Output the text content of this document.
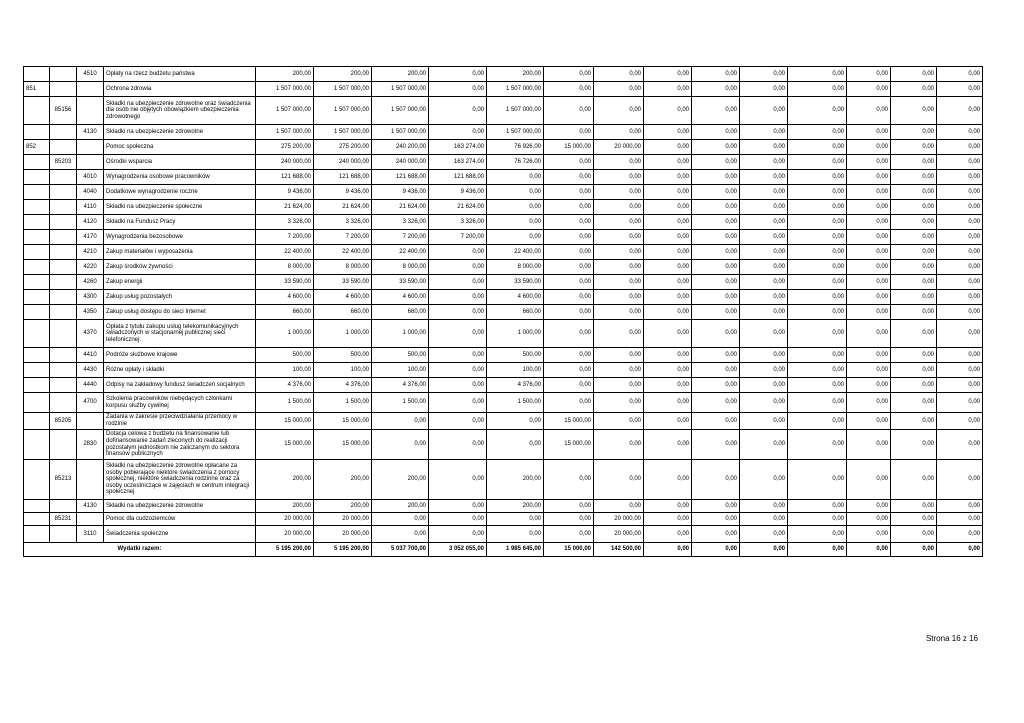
		4510	Opłaty na rzecz budżetu państwa	200,00	200,00	200,00	0,00	200,00	0,00	0,00	0,00	0,00	0,00	0,00	0,00	0,00	0,00
851			Ochrona zdrowia	1 507 000,00	1 507 000,00	1 507 000,00	0,00	1 507 000,00	0,00	0,00	0,00	0,00	0,00	0,00	0,00	0,00	0,00
	85156		Składki na ubezpieczenie zdrowotne oraz świadczenia dla osób nie objętych obowiązkiem ubezpieczenia zdrowotnego	1 507 000,00	1 507 000,00	1 507 000,00	0,00	1 507 000,00	0,00	0,00	0,00	0,00	0,00	0,00	0,00	0,00	0,00
		4130	Składki na ubezpieczenie zdrowotne	1 507 000,00	1 507 000,00	1 507 000,00	0,00	1 507 000,00	0,00	0,00	0,00	0,00	0,00	0,00	0,00	0,00	0,00
852			Pomoc społeczna	275 200,00	275 200,00	240 200,00	163 274,00	76 926,00	15 000,00	20 000,00	0,00	0,00	0,00	0,00	0,00	0,00	0,00
	85203		Ośrodki wsparcia	240 000,00	240 000,00	240 000,00	163 274,00	76 726,00	0,00	0,00	0,00	0,00	0,00	0,00	0,00	0,00	0,00
		4010	Wynagrodzenia osobowe pracowników	121 688,00	121 688,00	121 688,00	121 688,00	0,00	0,00	0,00	0,00	0,00	0,00	0,00	0,00	0,00	0,00
		4040	Dodatkowe wynagrodzenie roczne	9 436,00	9 436,00	9 436,00	9 436,00	0,00	0,00	0,00	0,00	0,00	0,00	0,00	0,00	0,00	0,00
		4110	Składki na ubezpieczenie społeczne	21 624,00	21 624,00	21 624,00	21 624,00	0,00	0,00	0,00	0,00	0,00	0,00	0,00	0,00	0,00	0,00
		4120	Składki na Fundusz Pracy	3 326,00	3 326,00	3 326,00	3 326,00	0,00	0,00	0,00	0,00	0,00	0,00	0,00	0,00	0,00	0,00
		4170	Wynagrodzenia bezosobowe	7 200,00	7 200,00	7 200,00	7 200,00	0,00	0,00	0,00	0,00	0,00	0,00	0,00	0,00	0,00	0,00
		4210	Zakup materiałów i wyposażenia	22 400,00	22 400,00	22 400,00	0,00	22 400,00	0,00	0,00	0,00	0,00	0,00	0,00	0,00	0,00	0,00
		4220	Zakup środków żywności	8 000,00	8 000,00	8 000,00	0,00	8 000,00	0,00	0,00	0,00	0,00	0,00	0,00	0,00	0,00	0,00
		4260	Zakup energii	33 590,00	33 590,00	33 590,00	0,00	33 590,00	0,00	0,00	0,00	0,00	0,00	0,00	0,00	0,00	0,00
		4300	Zakup usług pozostałych	4 600,00	4 600,00	4 600,00	0,00	4 600,00	0,00	0,00	0,00	0,00	0,00	0,00	0,00	0,00	0,00
		4350	Zakup usług dostępu do sieci Internet	660,00	660,00	660,00	0,00	660,00	0,00	0,00	0,00	0,00	0,00	0,00	0,00	0,00	0,00
		4370	Opłata z tytułu zakupu usług telekomunikacyjnych świadczonych w stacjonarnej publicznej sieci telefonicznej.	1 000,00	1 000,00	1 000,00	0,00	1 000,00	0,00	0,00	0,00	0,00	0,00	0,00	0,00	0,00	0,00
		4410	Podróże służbowe krajowe	500,00	500,00	500,00	0,00	500,00	0,00	0,00	0,00	0,00	0,00	0,00	0,00	0,00	0,00
		4430	Różne opłaty i składki	100,00	100,00	100,00	0,00	100,00	0,00	0,00	0,00	0,00	0,00	0,00	0,00	0,00	0,00
		4440	Odpisy na zakładowy fundusz świadczeń socjalnych	4 376,00	4 376,00	4 376,00	0,00	4 376,00	0,00	0,00	0,00	0,00	0,00	0,00	0,00	0,00	0,00
		4700	Szkolenia pracowników niebędących członkami korpusu służby cywilnej	1 500,00	1 500,00	1 500,00	0,00	1 500,00	0,00	0,00	0,00	0,00	0,00	0,00	0,00	0,00	0,00
	85205		Zadania w zakresie przeciwdziałania przemocy w rodzinie	15 000,00	15 000,00	0,00	0,00	0,00	15 000,00	0,00	0,00	0,00	0,00	0,00	0,00	0,00	0,00
		2830	Dotacja celowa z budżetu na finansowanie lub dofinansowanie zadań zleconych do realizacji pozostałym jednostkom nie zaliczanym do sektora finansów publicznych	15 000,00	15 000,00	0,00	0,00	0,00	15 000,00	0,00	0,00	0,00	0,00	0,00	0,00	0,00	0,00
	85213		Składki na ubezpieczenie zdrowotne opłacane za osoby pobierające niektóre świadczenia z pomocy społecznej, niektóre świadczenia rodzinne oraz za osoby uczestniczące w zajęciach w centrum integracji społecznej	200,00	200,00	200,00	0,00	200,00	0,00	0,00	0,00	0,00	0,00	0,00	0,00	0,00	0,00
		4130	Składki na ubezpieczenie zdrowotne	200,00	200,00	200,00	0,00	200,00	0,00	0,00	0,00	0,00	0,00	0,00	0,00	0,00	0,00
	85231		Pomoc dla cudzoziemców	20 000,00	20 000,00	0,00	0,00	0,00	0,00	20 000,00	0,00	0,00	0,00	0,00	0,00	0,00	0,00
		3110	Świadczenia społeczne	20 000,00	20 000,00	0,00	0,00	0,00	0,00	20 000,00	0,00	0,00	0,00	0,00	0,00	0,00	0,00
Wydatki razem:				5 195 200,00	5 195 200,00	5 037 700,00	3 052 055,00	1 985 645,00	15 000,00	142 500,00	0,00	0,00	0,00	0,00	0,00	0,00	0,00
Strona 16 z 16
